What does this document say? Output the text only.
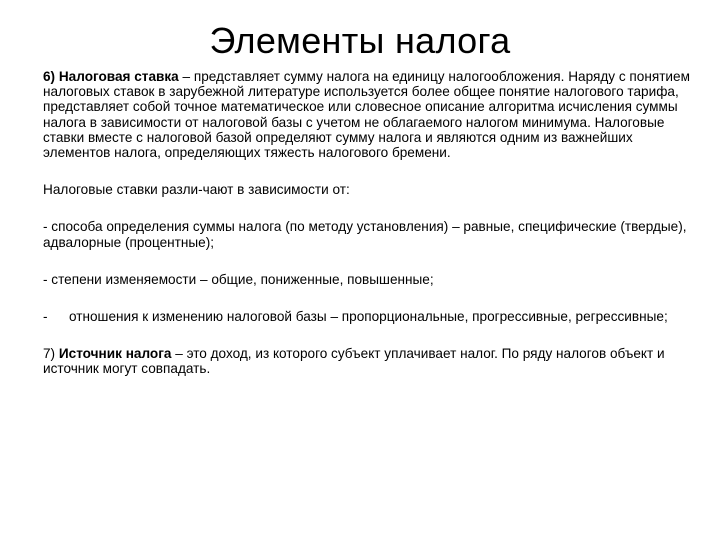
Элементы налога

6) Налоговая ставка – представляет сумму налога на единицу налогообложения. Наряду с понятием налоговых ставок в зарубежной литературе используется более общее понятие налогового тарифа, представляет собой точное математическое или словесное описание алгоритма исчисления суммы налога в зависимости от налоговой базы с учетом не облагаемого налогом минимума. Налоговые ставки вместе с налоговой базой определяют сумму налога и являются одним из важнейших элементов налога, определяющих тяжесть налогового бремени.

Налоговые ставки разли-чают в зависимости от:

- способа определения суммы налога (по методу установления) – равные, специфические (твердые), адвалорные (процентные);

- степени изменяемости – общие, пониженные, повышенные;

-	отношения к изменению налоговой базы – пропорциональные, прогрессивные, регрессивные;

7) Источник налога – это доход, из которого субъект уплачивает налог. По ряду налогов объект и источник могут совпадать.
